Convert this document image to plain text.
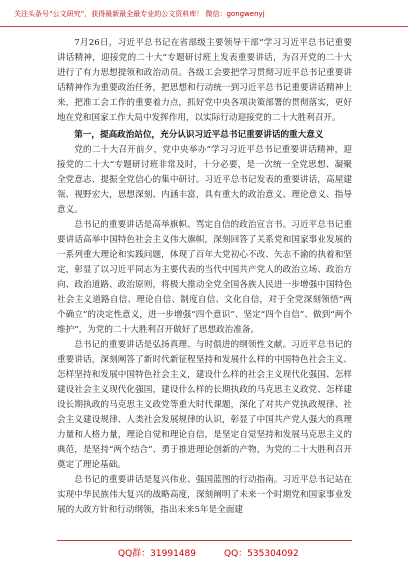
关注头条号“公文研究”，获得最新最全最专业的公文资料库！ 微信：gongwenyj

7月26日，习近平总书记在省部级主要领导干部“学习习近平总书记重要讲话精神，迎接党的二十大”专题研讨班上发表重要讲话，为召开党的二十大进行了有力思想提领和政治动员。各级工会要把学习贯彻习近平总书记重要讲话精神作为重要政治任务，把思想和行动统一到习近平总书记重要讲话精神上来，把准工会工作的重要着力点，抓好党中央各项决策部署的贯彻落实，更好地在党和国家工作大局中发挥作用，以实际行动迎接党的二十大胜利召开。

第一，提高政治站位，充分认识习近平总书记重要讲话的重大意义

党的二十大召开前夕，党中央举办“学习习近平总书记重要讲话精神，迎接党的二十大”专题研讨班非常及时，十分必要，是一次统一全党思想、凝聚全党意志、提振全党信心的集中研讨。习近平总书记发表的重要讲话，高屋建瓴、视野宏大，思想深刻、内涵丰富，具有重大的政治意义、理论意义、指导意义。

总书记的重要讲话是高举旗帜、骂定自信的政治宣言书。习近平总书记重要讲话高举中国特色社会主义伟大旗帜，深刻回答了关系党和国家事业发展的一系列重大理论和实践问题，体现了百年大党初心不改、矢志不渝的执着和坚定，彰显了以习近平同志为主要代表的当代中国共产党人的政治立场、政治方向、政治道路、政治原则，将极大推动全党全国各族人民进一步增强中国特色社会主义道路自信、理论自信、制度自信、文化自信，对于全党深刻领悟“两个确立”的决定性意义，进一步增强“四个意识”、坚定“四个自信”、做到“两个维护”，为党的二十大胜利召开做好了思想政治准备。

总书记的重要讲话是弘扬真理、与时俱进的纲领性文献。习近平总书记的重要讲话，深刻阐答了新时代新征程坚持和发展什么样的中国特色社会主义、怎样坚持和发展中国特色社会主义，建设什么样的社会主义现代化强国、怎样建设社会主义现代化强国，建设什么样的长期执政的马克思主义政党、怎样建设长期执政的马克思主义政党等重大时代课题，深化了对共产党执政规律、社会主义建设规律、人类社会发展规律的认识，彰显了中国共产党人强大的真理力量和人格力量，理论自觉和理论自信，是坚定自觉坚持和发展马克思主义的典范，是坚持“两个结合”、勇于推进理论创新的产物，为党的二十大胜利召开奠定了理论基础。

总书记的重要讲话是复兴伟业、强国蓝图的行动指南。习近平总书记站在实现中华民族伟大复兴的战略高度，深刻阐明了未来一个时期党和国家事业发展的大政方针和行动纲领，指出未来5年是全面建

QQ群：31991489	QQ：535304092
